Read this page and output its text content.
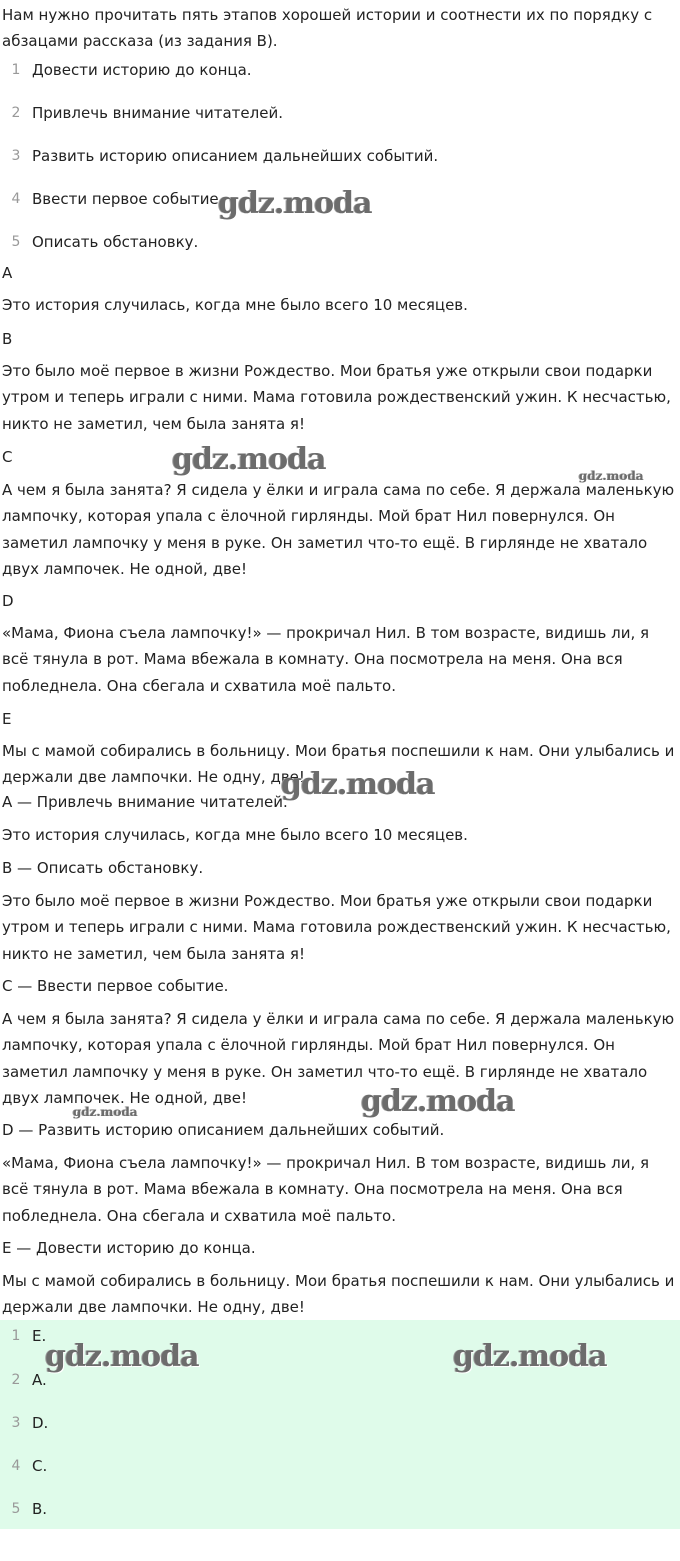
Нам нужно прочитать пять этапов хорошей истории и соотнести их по порядку с абзацами рассказа (из задания B).

1 Довести историю до конца.
2 Привлечь внимание читателей.
3 Развить историю описанием дальнейших событий.
4 Ввести первое событие.
5 Описать обстановку.
A

Это история случилась, когда мне было всего 10 месяцев.

B

Это было моё первое в жизни Рождество. Мои братья уже открыли свои подарки утром и теперь играли с ними. Мама готовила рождественский ужин. К несчастью, никто не заметил, чем была занята я!

C

А чем я была занята? Я сидела у ёлки и играла сама по себе. Я держала маленькую лампочку, которая упала с ёлочной гирлянды. Мой брат Нил повернулся. Он заметил лампочку у меня в руке. Он заметил что-то ещё. В гирлянде не хватало двух лампочек. Не одной, две!

D

«Мама, Фиона съела лампочку!» — прокричал Нил. В том возрасте, видишь ли, я всё тянула в рот. Мама вбежала в комнату. Она посмотрела на меня. Она вся побледнела. Она сбегала и схватила моё пальто.

E

Мы с мамой собирались в больницу. Мои братья поспешили к нам. Они улыбались и держали две лампочки. Не одну, две!

A — Привлечь внимание читателей.

Это история случилась, когда мне было всего 10 месяцев.

B — Описать обстановку.

Это было моё первое в жизни Рождество. Мои братья уже открыли свои подарки утром и теперь играли с ними. Мама готовила рождественский ужин. К несчастью, никто не заметил, чем была занята я!

C — Ввести первое событие.

А чем я была занята? Я сидела у ёлки и играла сама по себе. Я держала маленькую лампочку, которая упала с ёлочной гирлянды. Мой брат Нил повернулся. Он заметил лампочку у меня в руке. Он заметил что-то ещё. В гирлянде не хватало двух лампочек. Не одной, две!

D — Развить историю описанием дальнейших событий.

«Мама, Фиона съела лампочку!» — прокричал Нил. В том возрасте, видишь ли, я всё тянула в рот. Мама вбежала в комнату. Она посмотрела на меня. Она вся побледнела. Она сбегала и схватила моё пальто.

E — Довести историю до конца.

Мы с мамой собирались в больницу. Мои братья поспешили к нам. Они улыбались и держали две лампочки. Не одну, две!

1 E.
2 A.
3 D.
4 C.
5 B.
gdz.moda
gdz.moda	gdz.moda
gdz.moda
gdz.moda
gdz.moda
gdz.moda	gdz.moda
